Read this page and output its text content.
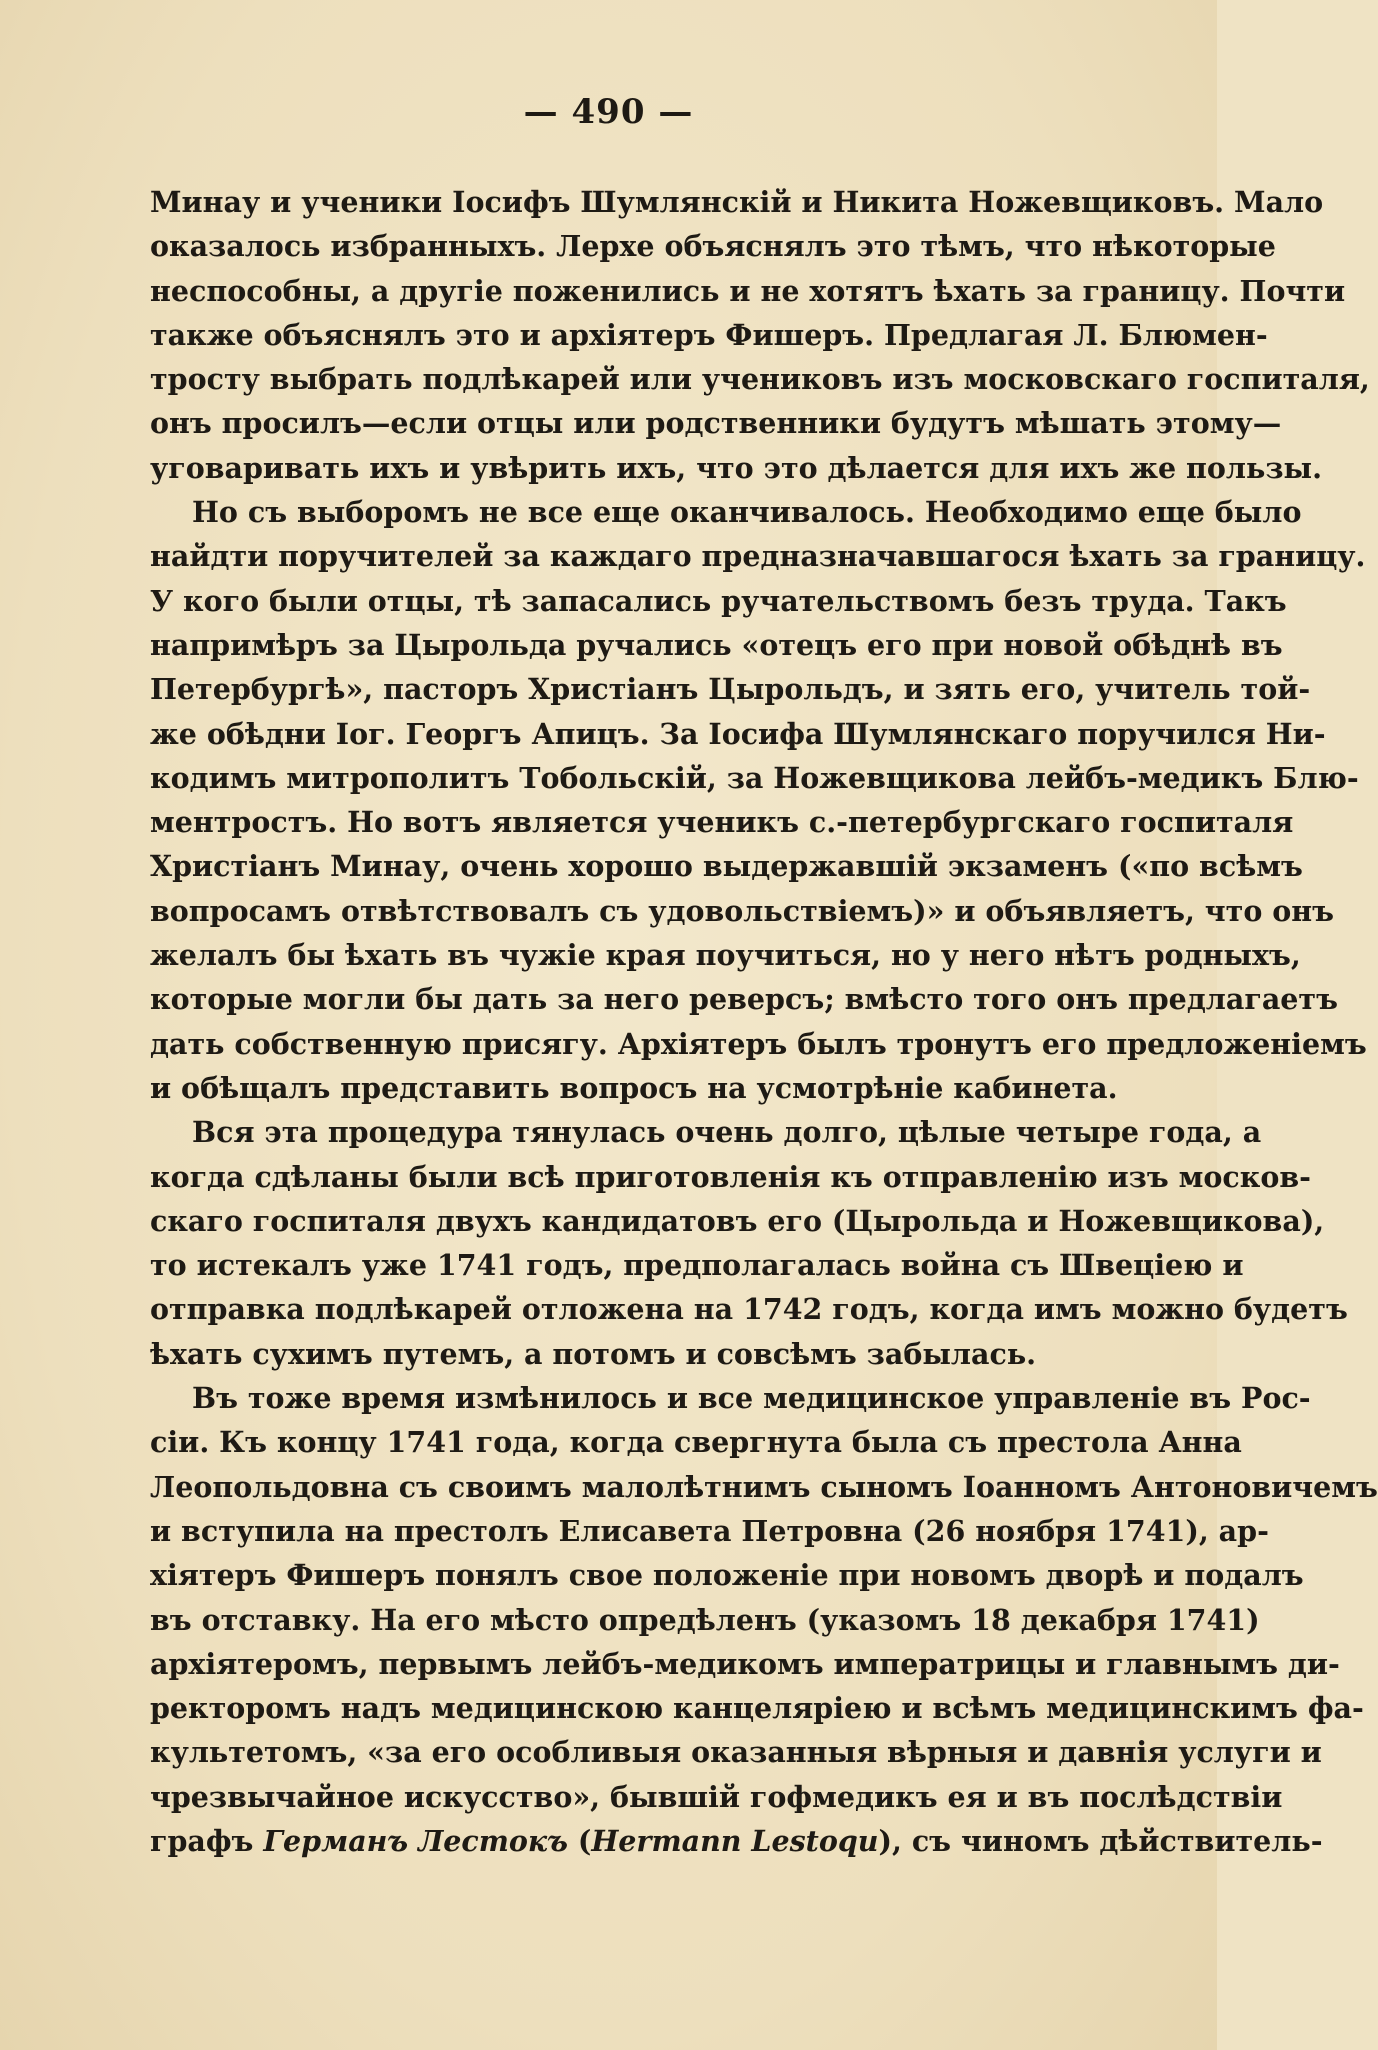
— 490 —
Минау и ученики Іосифъ Шумлянскій и Никита Ножевщиковъ. Мало
оказалось избранныхъ. Лерхе объяснялъ это тѣмъ, что нѣкоторые
неспособны, а другіе поженились и не хотятъ ѣхать за границу. Почти
также объяснялъ это и архіятеръ Фишеръ. Предлагая Л. Блюмен-
тросту выбрать подлѣкарей или учениковъ изъ московскаго госпиталя,
онъ просилъ—если отцы или родственники будутъ мѣшать этому—
уговаривать ихъ и увѣрить ихъ, что это дѣлается для ихъ же пользы.
Но съ выборомъ не все еще оканчивалось. Необходимо еще было
найдти поручителей за каждаго предназначавшагося ѣхать за границу.
У кого были отцы, тѣ запасались ручательствомъ безъ труда. Такъ
напримѣръ за Цырольда ручались «отецъ его при новой обѣднѣ въ
Петербургѣ», пасторъ Христіанъ Цырольдъ, и зять его, учитель той-
же обѣдни Іог. Георгъ Апицъ. За Іосифа Шумлянскаго поручился Ни-
кодимъ митрополитъ Тобольскій, за Ножевщикова лейбъ-медикъ Блю-
ментростъ. Но вотъ является ученикъ с.-петербургскаго госпиталя
Христіанъ Минау, очень хорошо выдержавшій экзаменъ («по всѣмъ
вопросамъ отвѣтствовалъ съ удовольствіемъ)» и объявляетъ, что онъ
желалъ бы ѣхать въ чужіе края поучиться, но у него нѣтъ родныхъ,
которые могли бы дать за него реверсъ; вмѣсто того онъ предлагаетъ
дать собственную присягу. Архіятеръ былъ тронутъ его предложеніемъ
и обѣщалъ представить вопросъ на усмотрѣніе кабинета.
Вся эта процедура тянулась очень долго, цѣлые четыре года, а
когда сдѣланы были всѣ приготовленія къ отправленію изъ москов-
скаго госпиталя двухъ кандидатовъ его (Цырольда и Ножевщикова),
то истекалъ уже 1741 годъ, предполагалась война съ Швеціею и
отправка подлѣкарей отложена на 1742 годъ, когда имъ можно будетъ
ѣхать сухимъ путемъ, а потомъ и совсѣмъ забылась.
Въ тоже время измѣнилось и все медицинское управленіе въ Рос-
сіи. Къ концу 1741 года, когда свергнута была съ престола Анна
Леопольдовна съ своимъ малолѣтнимъ сыномъ Іоанномъ Антоновичемъ
и вступила на престолъ Елисавета Петровна (26 ноября 1741), ар-
хіятеръ Фишеръ понялъ свое положеніе при новомъ дворѣ и подалъ
въ отставку. На его мѣсто опредѣленъ (указомъ 18 декабря 1741)
архіятеромъ, первымъ лейбъ-медикомъ императрицы и главнымъ ди-
ректоромъ надъ медицинскою канцеляріею и всѣмъ медицинскимъ фа-
культетомъ, «за его особливыя оказанныя вѣрныя и давнія услуги и
чрезвычайное искусство», бывшій гофмедикъ ея и въ послѣдствіи
графъ Германъ Лестокъ (Hermann Lestoqu), съ чиномъ дѣйствитель-
